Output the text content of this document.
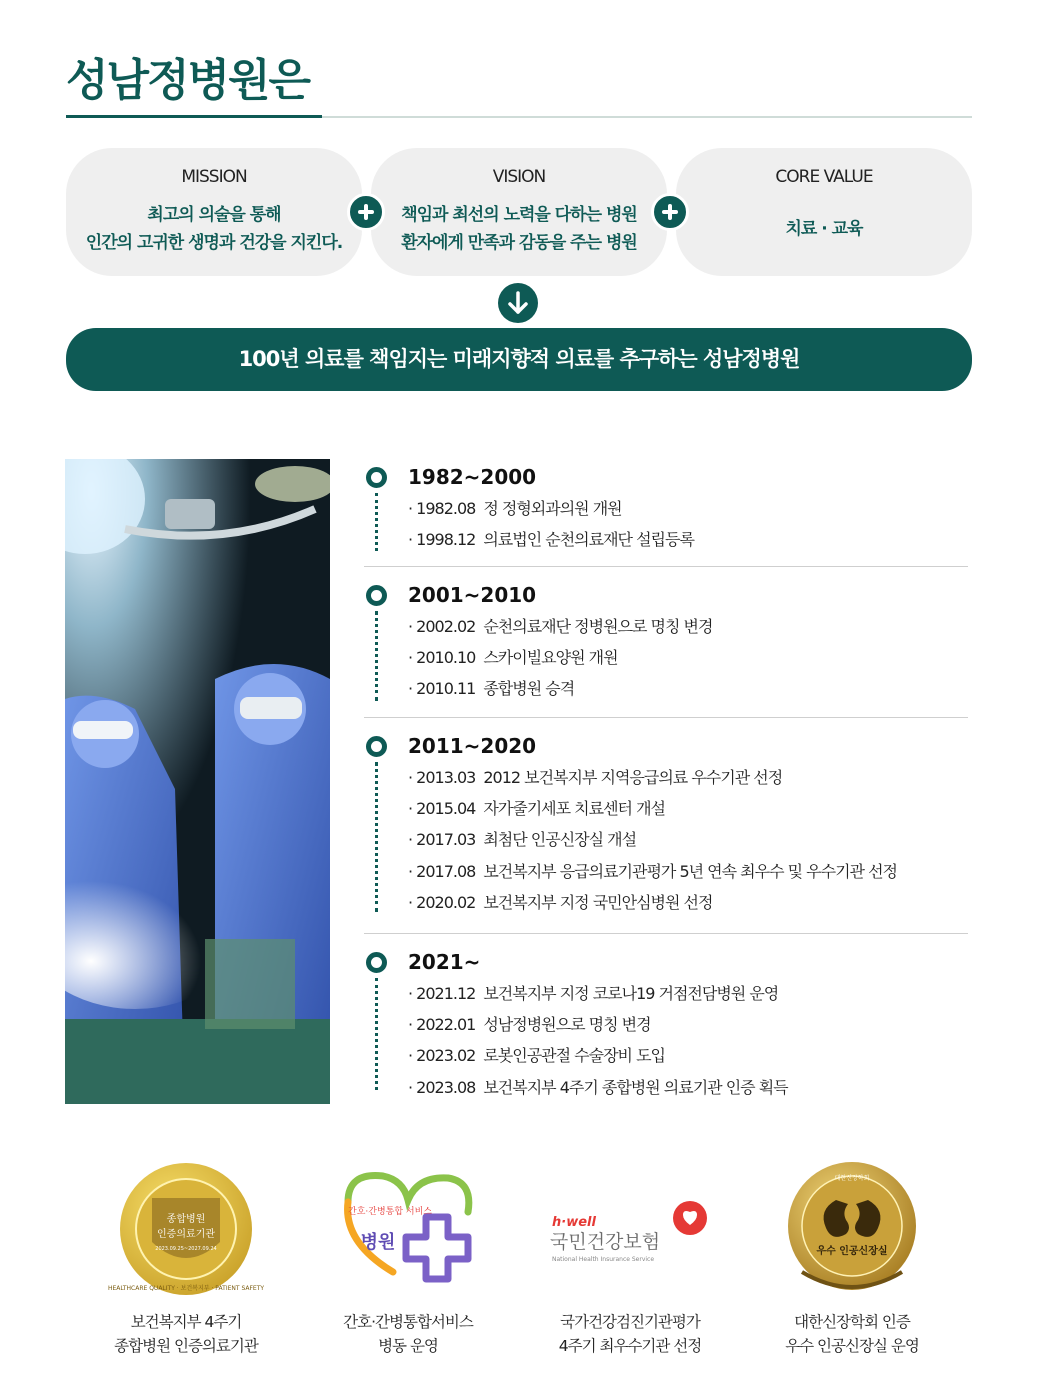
성남정병원은
MISSION
최고의 의술을 통해
인간의 고귀한 생명과 건강을 지킨다.
VISION
책임과 최선의 노력을 다하는 병원
환자에게 만족과 감동을 주는 병원
CORE VALUE
치료 · 교육
100년 의료를 책임지는 미래지향적 의료를 추구하는 성남정병원
1982~2000
· 1982.08 정 정형외과의원 개원
· 1998.12 의료법인 순천의료재단 설립등록
2001~2010
· 2002.02 순천의료재단 정병원으로 명칭 변경
· 2010.10 스카이빌요양원 개원
· 2010.11 종합병원 승격
2011~2020
· 2013.03 2012 보건복지부 지역응급의료 우수기관 선정
· 2015.04 자가줄기세포 치료센터 개설
· 2017.03 최첨단 인공신장실 개설
· 2017.08 보건복지부 응급의료기관평가 5년 연속 최우수 및 우수기관 선정
· 2020.02 보건복지부 지정 국민안심병원 선정
2021~
· 2021.12 보건복지부 지정 코로나19 거점전담병원 운영
· 2022.01 성남정병원으로 명칭 변경
· 2023.02 로봇인공관절 수술장비 도입
· 2023.08 보건복지부 4주기 종합병원 의료기관 인증 획득
종합병원
인증의료기관
2023.09.25~2027.09.24
HEALTHCARE QUALITY · 보건복지부 · PATIENT SAFETY
보건복지부 4주기
종합병원 인증의료기관
간호·간병통합 서비스
병원
간호·간병통합서비스
병동 운영
h·well
국민건강보험
National Health Insurance Service
국가건강검진기관평가
4주기 최우수기관 선정
우수 인공신장실
대한신장학회
대한신장학회 인증
우수 인공신장실 운영
